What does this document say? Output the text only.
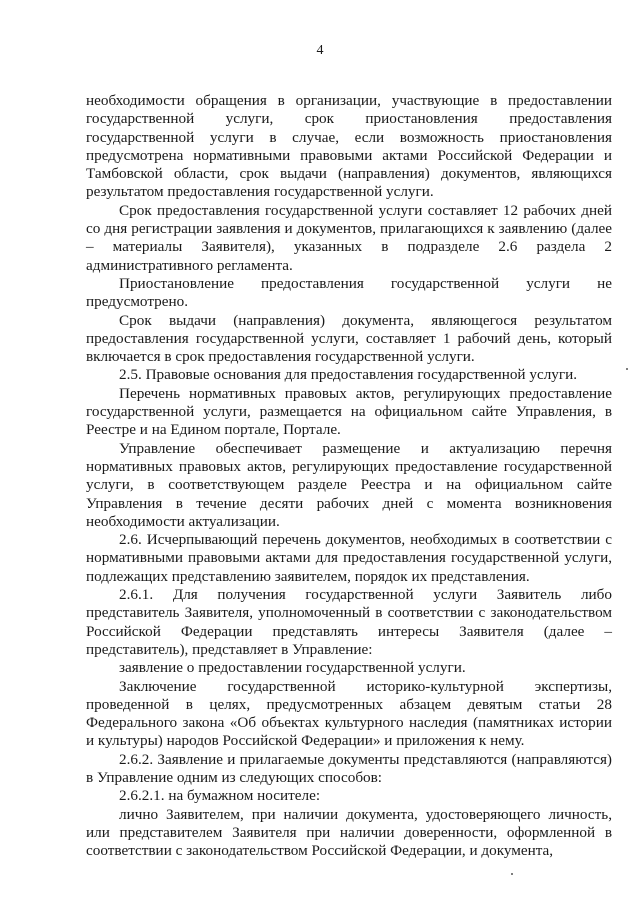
4

необходимости обращения в организации, участвующие в предоставлении государственной услуги, срок приостановления предоставления государственной услуги в случае, если возможность приостановления предусмотрена нормативными правовыми актами Российской Федерации и Тамбовской области, срок выдачи (направления) документов, являющихся результатом предоставления государственной услуги.

Срок предоставления государственной услуги составляет 12 рабочих дней со дня регистрации заявления и документов, прилагающихся к заявлению (далее – материалы Заявителя), указанных в подразделе 2.6 раздела 2 административного регламента.

Приостановление предоставления государственной услуги не предусмотрено.

Срок выдачи (направления) документа, являющегося результатом предоставления государственной услуги, составляет 1 рабочий день, который включается в срок предоставления государственной услуги.

2.5. Правовые основания для предоставления государственной услуги.

Перечень нормативных правовых актов, регулирующих предоставление государственной услуги, размещается на официальном сайте Управления, в Реестре и на Едином портале, Портале.

Управление обеспечивает размещение и актуализацию перечня нормативных правовых актов, регулирующих предоставление государственной услуги, в соответствующем разделе Реестра и на официальном сайте Управления в течение десяти рабочих дней с момента возникновения необходимости актуализации.

2.6. Исчерпывающий перечень документов, необходимых в соответствии с нормативными правовыми актами для предоставления государственной услуги, подлежащих представлению заявителем, порядок их представления.

2.6.1. Для получения государственной услуги Заявитель либо представитель Заявителя, уполномоченный в соответствии с законодательством Российской Федерации представлять интересы Заявителя (далее – представитель), представляет в Управление:

заявление о предоставлении государственной услуги.

Заключение государственной историко-культурной экспертизы, проведенной в целях, предусмотренных абзацем девятым статьи 28 Федерального закона «Об объектах культурного наследия (памятниках истории и культуры) народов Российской Федерации» и приложения к нему.

2.6.2. Заявление и прилагаемые документы представляются (направляются) в Управление одним из следующих способов:

2.6.2.1. на бумажном носителе:

лично Заявителем, при наличии документа, удостоверяющего личность, или представителем Заявителя при наличии доверенности, оформленной в соответствии с законодательством Российской Федерации, и документа,
